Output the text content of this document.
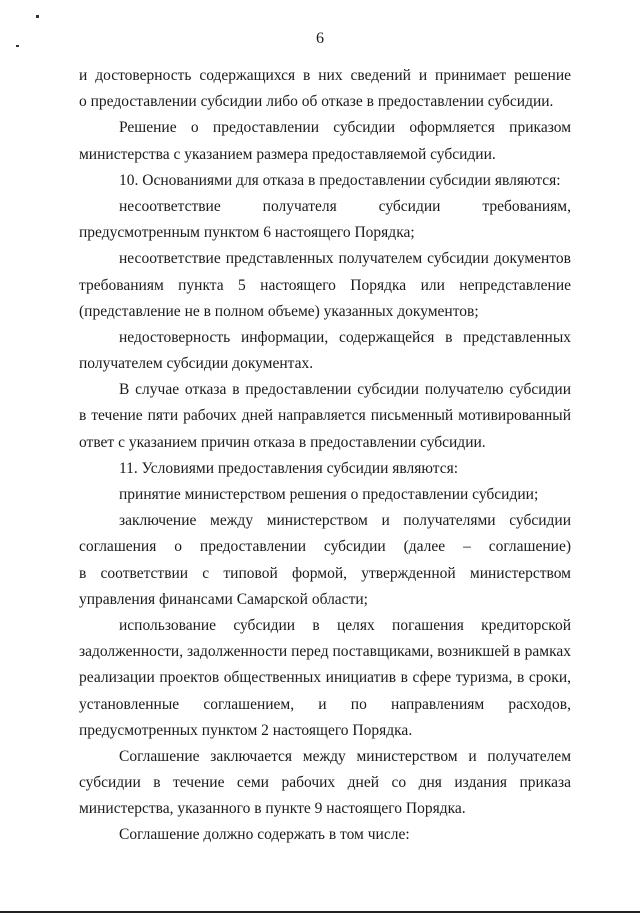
6
и достоверность содержащихся в них сведений и принимает решение
о предоставлении субсидии либо об отказе в предоставлении субсидии.
Решение о предоставлении субсидии оформляется приказом
министерства с указанием размера предоставляемой субсидии.
10. Основаниями для отказа в предоставлении субсидии являются:
несоответствие получателя субсидии требованиям,
предусмотренным пунктом 6 настоящего Порядка;
несоответствие представленных получателем субсидии документов
требованиям пункта 5 настоящего Порядка или непредставление
(представление не в полном объеме) указанных документов;
недостоверность информации, содержащейся в представленных
получателем субсидии документах.
В случае отказа в предоставлении субсидии получателю субсидии
в течение пяти рабочих дней направляется письменный мотивированный
ответ с указанием причин отказа в предоставлении субсидии.
11. Условиями предоставления субсидии являются:
принятие министерством решения о предоставлении субсидии;
заключение между министерством и получателями субсидии
соглашения о предоставлении субсидии (далее – соглашение)
в соответствии с типовой формой, утвержденной министерством
управления финансами Самарской области;
использование субсидии в целях погашения кредиторской
задолженности, задолженности перед поставщиками, возникшей в рамках
реализации проектов общественных инициатив в сфере туризма, в сроки,
установленные соглашением, и по направлениям расходов,
предусмотренных пунктом 2 настоящего Порядка.
Соглашение заключается между министерством и получателем
субсидии в течение семи рабочих дней со дня издания приказа
министерства, указанного в пункте 9 настоящего Порядка.
Соглашение должно содержать в том числе:
